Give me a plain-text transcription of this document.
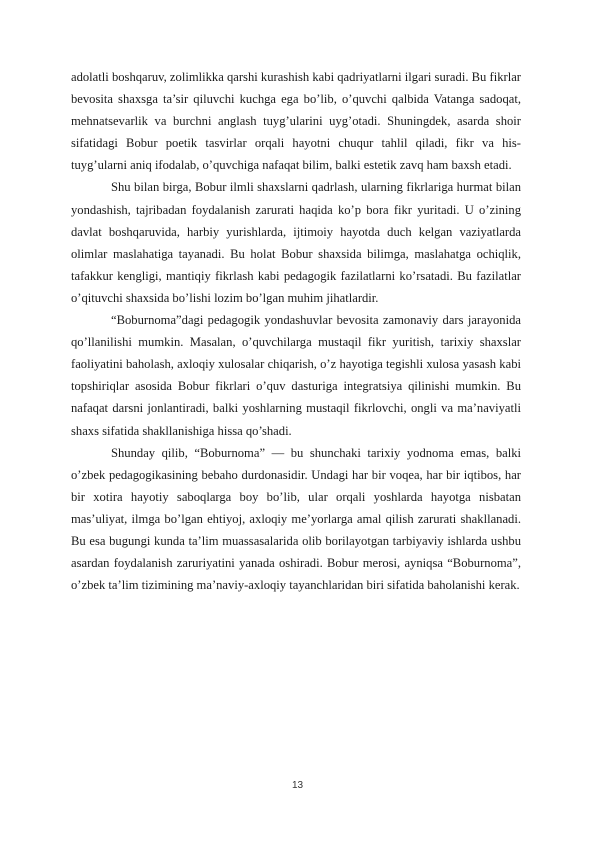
adolatli boshqaruv, zolimlikka qarshi kurashish kabi qadriyatlarni ilgari suradi. Bu fikrlar bevosita shaxsga ta’sir qiluvchi kuchga ega bo’lib, o’quvchi qalbida Vatanga sadoqat, mehnatsevarlik va burchni anglash tuyg’ularini uyg’otadi. Shuningdek, asarda shoir sifatidagi Bobur poetik tasvirlar orqali hayotni chuqur tahlil qiladi, fikr va his-tuyg’ularni aniq ifodalab, o’quvchiga nafaqat bilim, balki estetik zavq ham baxsh etadi.

Shu bilan birga, Bobur ilmli shaxslarni qadrlash, ularning fikrlariga hurmat bilan yondashish, tajribadan foydalanish zarurati haqida ko’p bora fikr yuritadi. U o’zining davlat boshqaruvida, harbiy yurishlarda, ijtimoiy hayotda duch kelgan vaziyatlarda olimlar maslahatiga tayanadi. Bu holat Bobur shaxsida bilimga, maslahatga ochiqlik, tafakkur kengligi, mantiqiy fikrlash kabi pedagogik fazilatlarni ko’rsatadi. Bu fazilatlar o’qituvchi shaxsida bo’lishi lozim bo’lgan muhim jihatlardir.

“Boburnoma”dagi pedagogik yondashuvlar bevosita zamonaviy dars jarayonida qo’llanilishi mumkin. Masalan, o’quvchilarga mustaqil fikr yuritish, tarixiy shaxslar faoliyatini baholash, axloqiy xulosalar chiqarish, o’z hayotiga tegishli xulosa yasash kabi topshiriqlar asosida Bobur fikrlari o’quv dasturiga integratsiya qilinishi mumkin. Bu nafaqat darsni jonlantiradi, balki yoshlarning mustaqil fikrlovchi, ongli va ma’naviyatli shaxs sifatida shakllanishiga hissa qo’shadi.

Shunday qilib, “Boburnoma” — bu shunchaki tarixiy yodnoma emas, balki o’zbek pedagogikasining bebaho durdonasidir. Undagi har bir voqea, har bir iqtibos, har bir xotira hayotiy saboqlarga boy bo’lib, ular orqali yoshlarda hayotga nisbatan mas’uliyat, ilmga bo’lgan ehtiyoj, axloqiy me’yorlarga amal qilish zarurati shakllanadi. Bu esa bugungi kunda ta’lim muassasalarida olib borilayotgan tarbiyaviy ishlarda ushbu asardan foydalanish zaruriyatini yanada oshiradi. Bobur merosi, ayniqsa “Boburnoma”, o’zbek ta’lim tizimining ma’naviy-axloqiy tayanchlaridan biri sifatida baholanishi kerak.

13
